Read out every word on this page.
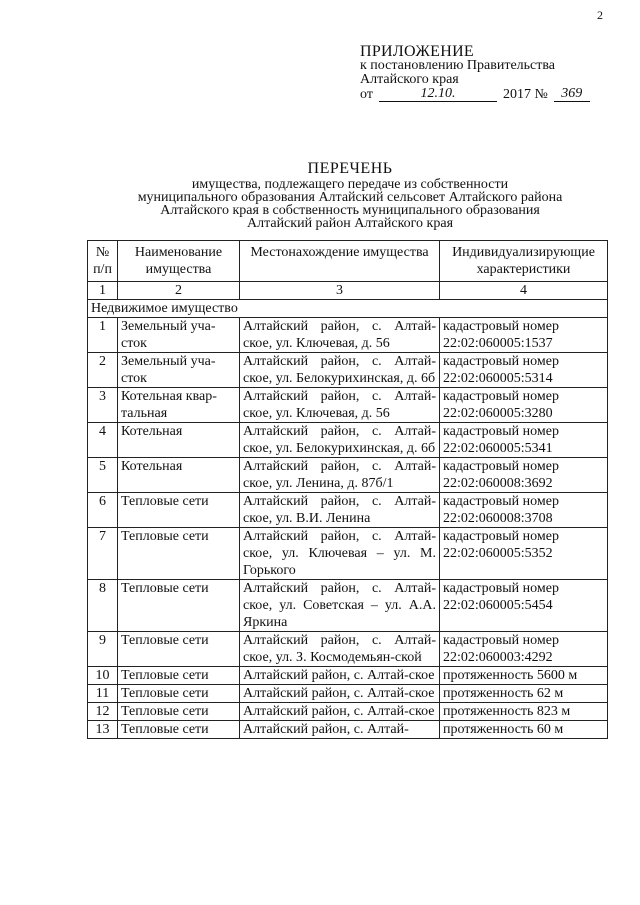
2
ПРИЛОЖЕНИЕ
к постановлению Правительства
Алтайского края
от	12.10.	2017 № 369
ПЕРЕЧЕНЬ
имущества, подлежащего передаче из собственности
муниципального образования Алтайский сельсовет Алтайского района
Алтайского края в собственность муниципального образования
Алтайский район Алтайского края
№ п/п	Наименование имущества	Местонахождение имущества	Индивидуализирующие характеристики
1	2	3	4
Недвижимое имущество			
1	Земельный уча-сток	Алтайский район, с. Алтай-ское, ул. Ключевая, д. 56	кадастровый номер 22:02:060005:1537
2	Земельный уча-сток	Алтайский район, с. Алтай-ское, ул. Белокурихинская, д. 6б	кадастровый номер 22:02:060005:5314
3	Котельная квар-тальная	Алтайский район, с. Алтай-ское, ул. Ключевая, д. 56	кадастровый номер 22:02:060005:3280
4	Котельная	Алтайский район, с. Алтай-ское, ул. Белокурихинская, д. 6б	кадастровый номер 22:02:060005:5341
5	Котельная	Алтайский район, с. Алтай-ское, ул. Ленина, д. 87б/1	кадастровый номер 22:02:060008:3692
6	Тепловые сети	Алтайский район, с. Алтай-ское, ул. В.И. Ленина	кадастровый номер 22:02:060008:3708
7	Тепловые сети	Алтайский район, с. Алтай-ское, ул. Ключевая – ул. М. Горького	кадастровый номер 22:02:060005:5352
8	Тепловые сети	Алтайский район, с. Алтай-ское, ул. Советская – ул. А.А. Яркина	кадастровый номер 22:02:060005:5454
9	Тепловые сети	Алтайский район, с. Алтай-ское, ул. З. Космодемьян-ской	кадастровый номер 22:02:060003:4292
10	Тепловые сети	Алтайский район, с. Алтай-ское	протяженность 5600 м
11	Тепловые сети	Алтайский район, с. Алтай-ское	протяженность 62 м
12	Тепловые сети	Алтайский район, с. Алтай-ское	протяженность 823 м
13	Тепловые сети	Алтайский район, с. Алтай-	протяженность 60 м
